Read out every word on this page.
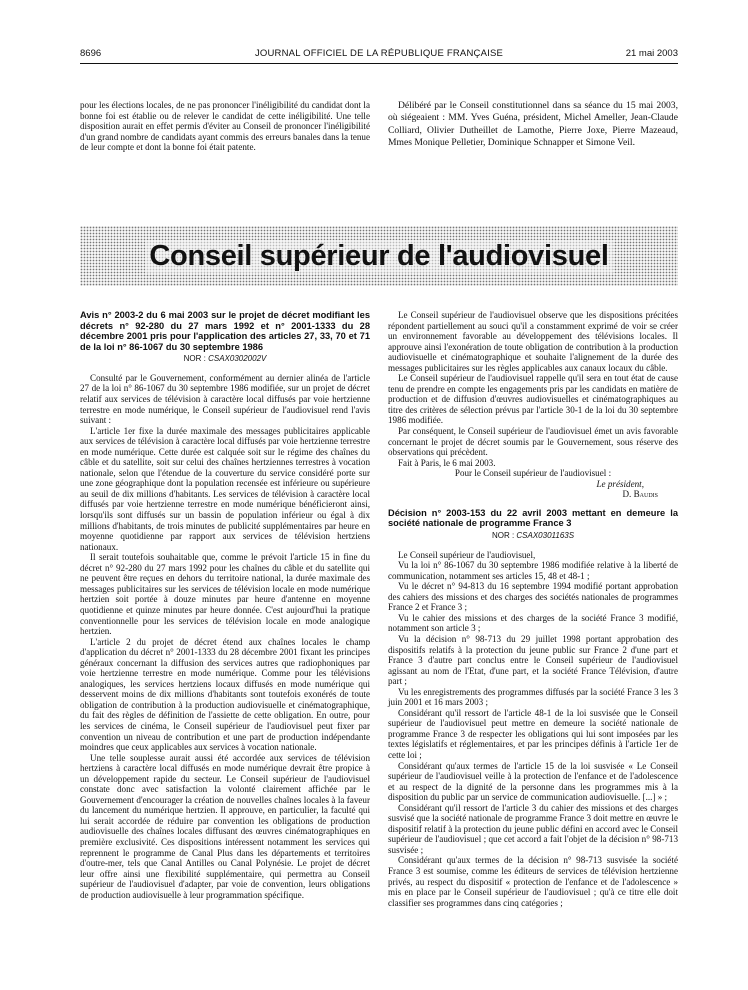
8696	JOURNAL OFFICIEL DE LA RÉPUBLIQUE FRANÇAISE	21 mai 2003

pour les élections locales, de ne pas prononcer l'inéligibilité du candidat dont la bonne foi est établie ou de relever le candidat de cette inéligibilité. Une telle disposition aurait en effet permis d'éviter au Conseil de prononcer l'inéligibilité d'un grand nombre de candidats ayant commis des erreurs banales dans la tenue de leur compte et dont la bonne foi était patente.

Délibéré par le Conseil constitutionnel dans sa séance du 15 mai 2003, où siégeaient : MM. Yves Guéna, président, Michel Ameller, Jean-Claude Colliard, Olivier Dutheillet de Lamothe, Pierre Joxe, Pierre Mazeaud, Mmes Monique Pelletier, Dominique Schnapper et Simone Veil.

Conseil supérieur de l'audiovisuel
Avis n° 2003-2 du 6 mai 2003 sur le projet de décret modifiant les décrets n° 92-280 du 27 mars 1992 et n° 2001-1333 du 28 décembre 2001 pris pour l'application des articles 27, 33, 70 et 71 de la loi n° 86-1067 du 30 septembre 1986
NOR : CSAX0302002V

Consulté par le Gouvernement, conformément au dernier alinéa de l'article 27 de la loi n° 86-1067 du 30 septembre 1986 modifiée, sur un projet de décret relatif aux services de télévision à caractère local diffusés par voie hertzienne terrestre en mode numérique, le Conseil supérieur de l'audiovisuel rend l'avis suivant :

L'article 1er fixe la durée maximale des messages publicitaires applicable aux services de télévision à caractère local diffusés par voie hertzienne terrestre en mode numérique. Cette durée est calquée soit sur le régime des chaînes du câble et du satellite, soit sur celui des chaînes hertziennes terrestres à vocation nationale, selon que l'étendue de la couverture du service considéré porte sur une zone géographique dont la population recensée est inférieure ou supérieure au seuil de dix millions d'habitants. Les services de télévision à caractère local diffusés par voie hertzienne terrestre en mode numérique bénéficieront ainsi, lorsqu'ils sont diffusés sur un bassin de population inférieur ou égal à dix millions d'habitants, de trois minutes de publicité supplémentaires par heure en moyenne quotidienne par rapport aux services de télévision hertziens nationaux.

Il serait toutefois souhaitable que, comme le prévoit l'article 15 in fine du décret n° 92-280 du 27 mars 1992 pour les chaînes du câble et du satellite qui ne peuvent être reçues en dehors du territoire national, la durée maximale des messages publicitaires sur les services de télévision locale en mode numérique hertzien soit portée à douze minutes par heure d'antenne en moyenne quotidienne et quinze minutes par heure donnée. C'est aujourd'hui la pratique conventionnelle pour les services de télévision locale en mode analogique hertzien.

L'article 2 du projet de décret étend aux chaînes locales le champ d'application du décret n° 2001-1333 du 28 décembre 2001 fixant les principes généraux concernant la diffusion des services autres que radiophoniques par voie hertzienne terrestre en mode numérique. Comme pour les télévisions analogiques, les services hertziens locaux diffusés en mode numérique qui desservent moins de dix millions d'habitants sont toutefois exonérés de toute obligation de contribution à la production audiovisuelle et cinématographique, du fait des règles de définition de l'assiette de cette obligation. En outre, pour les services de cinéma, le Conseil supérieur de l'audiovisuel peut fixer par convention un niveau de contribution et une part de production indépendante moindres que ceux applicables aux services à vocation nationale.

Une telle souplesse aurait aussi été accordée aux services de télévision hertziens à caractère local diffusés en mode numérique devrait être propice à un développement rapide du secteur. Le Conseil supérieur de l'audiovisuel constate donc avec satisfaction la volonté clairement affichée par le Gouvernement d'encourager la création de nouvelles chaînes locales à la faveur du lancement du numérique hertzien. Il approuve, en particulier, la faculté qui lui serait accordée de réduire par convention les obligations de production audiovisuelle des chaînes locales diffusant des œuvres cinématographiques en première exclusivité. Ces dispositions intéressent notamment les services qui reprennent le programme de Canal Plus dans les départements et territoires d'outre-mer, tels que Canal Antilles ou Canal Polynésie. Le projet de décret leur offre ainsi une flexibilité supplémentaire, qui permettra au Conseil supérieur de l'audiovisuel d'adapter, par voie de convention, leurs obligations de production audiovisuelle à leur programmation spécifique.

Le Conseil supérieur de l'audiovisuel observe que les dispositions précitées répondent partiellement au souci qu'il a constamment exprimé de voir se créer un environnement favorable au développement des télévisions locales. Il approuve ainsi l'exonération de toute obligation de contribution à la production audiovisuelle et cinématographique et souhaite l'alignement de la durée des messages publicitaires sur les règles applicables aux canaux locaux du câble.

Le Conseil supérieur de l'audiovisuel rappelle qu'il sera en tout état de cause tenu de prendre en compte les engagements pris par les candidats en matière de production et de diffusion d'œuvres audiovisuelles et cinématographiques au titre des critères de sélection prévus par l'article 30-1 de la loi du 30 septembre 1986 modifiée.

Par conséquent, le Conseil supérieur de l'audiovisuel émet un avis favorable concernant le projet de décret soumis par le Gouvernement, sous réserve des observations qui précèdent.

Fait à Paris, le 6 mai 2003.

Pour le Conseil supérieur de l'audiovisuel :

Le président,

D. Baudis

Décision n° 2003-153 du 22 avril 2003 mettant en demeure la société nationale de programme France 3
NOR : CSAX0301163S

Le Conseil supérieur de l'audiovisuel,

Vu la loi n° 86-1067 du 30 septembre 1986 modifiée relative à la liberté de communication, notamment ses articles 15, 48 et 48-1 ;

Vu le décret n° 94-813 du 16 septembre 1994 modifié portant approbation des cahiers des missions et des charges des sociétés nationales de programmes France 2 et France 3 ;

Vu le cahier des missions et des charges de la société France 3 modifié, notamment son article 3 ;

Vu la décision n° 98-713 du 29 juillet 1998 portant approbation des dispositifs relatifs à la protection du jeune public sur France 2 d'une part et France 3 d'autre part conclus entre le Conseil supérieur de l'audiovisuel agissant au nom de l'Etat, d'une part, et la société France Télévision, d'autre part ;

Vu les enregistrements des programmes diffusés par la société France 3 les 3 juin 2001 et 16 mars 2003 ;

Considérant qu'il ressort de l'article 48-1 de la loi susvisée que le Conseil supérieur de l'audiovisuel peut mettre en demeure la société nationale de programme France 3 de respecter les obligations qui lui sont imposées par les textes législatifs et réglementaires, et par les principes définis à l'article 1er de cette loi ;

Considérant qu'aux termes de l'article 15 de la loi susvisée « Le Conseil supérieur de l'audiovisuel veille à la protection de l'enfance et de l'adolescence et au respect de la dignité de la personne dans les programmes mis à la disposition du public par un service de communication audiovisuelle. [...] » ;

Considérant qu'il ressort de l'article 3 du cahier des missions et des charges susvisé que la société nationale de programme France 3 doit mettre en œuvre le dispositif relatif à la protection du jeune public défini en accord avec le Conseil supérieur de l'audiovisuel ; que cet accord a fait l'objet de la décision n° 98-713 susvisée ;

Considérant qu'aux termes de la décision n° 98-713 susvisée la société France 3 est soumise, comme les éditeurs de services de télévision hertzienne privés, au respect du dispositif « protection de l'enfance et de l'adolescence » mis en place par le Conseil supérieur de l'audiovisuel ; qu'à ce titre elle doit classifier ses programmes dans cinq catégories ;
